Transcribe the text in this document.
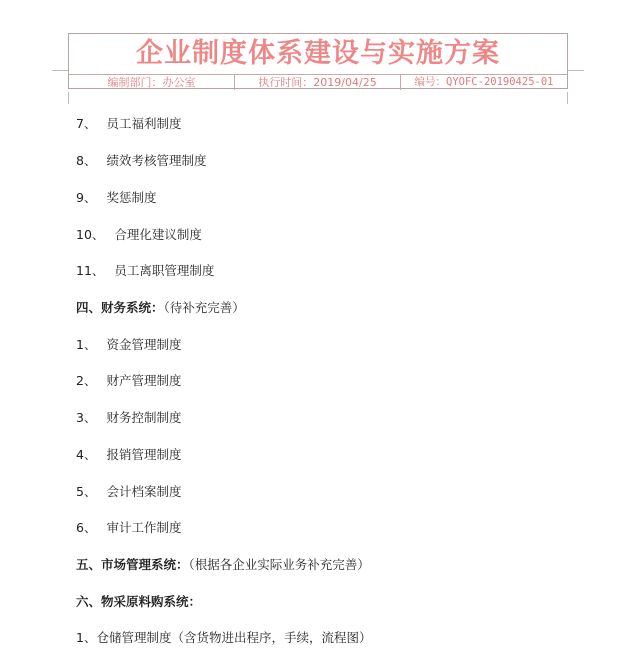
企业制度体系建设与实施方案
编制部门：办公室	执行时间：2019/04/25	编号：QYOFC-20190425-01
7、 员工福利制度
8、 绩效考核管理制度
9、 奖惩制度
10、 合理化建议制度
11、 员工离职管理制度
四、财务系统：（待补充完善）
1、 资金管理制度
2、 财产管理制度
3、 财务控制制度
4、 报销管理制度
5、 会计档案制度
6、 审计工作制度
五、市场管理系统：（根据各企业实际业务补充完善）
六、物采原料购系统：
1、仓储管理制度（含货物进出程序，手续，流程图）
